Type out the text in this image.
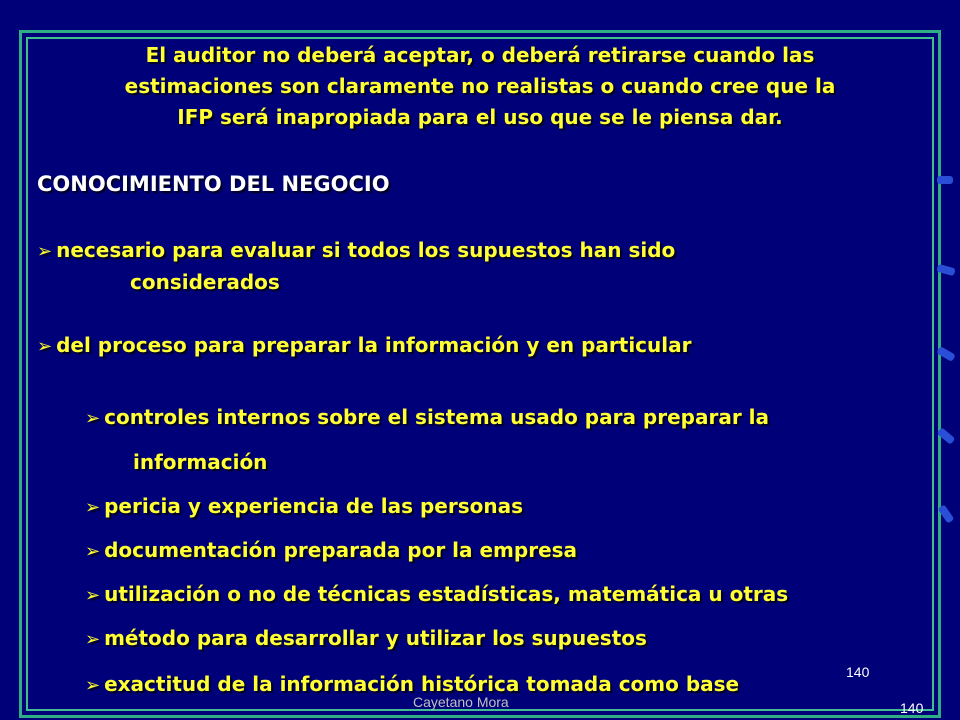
El auditor no deberá aceptar, o deberá retirarse cuando las
estimaciones son claramente no realistas o cuando cree que la
IFP será inapropiada para el uso que se le piensa dar.
CONOCIMIENTO DEL NEGOCIO
➢ necesario para evaluar si todos los supuestos han sido
considerados
➢ del proceso para preparar la información y en particular
➢ controles internos sobre el sistema usado para preparar la
información
➢ pericia y experiencia de las personas
➢ documentación preparada por la empresa
➢ utilización o no de técnicas estadísticas, matemática u otras
➢ método para desarrollar y utilizar los supuestos
➢ exactitud de la información histórica tomada como base	140
140
Cayetano Mora
